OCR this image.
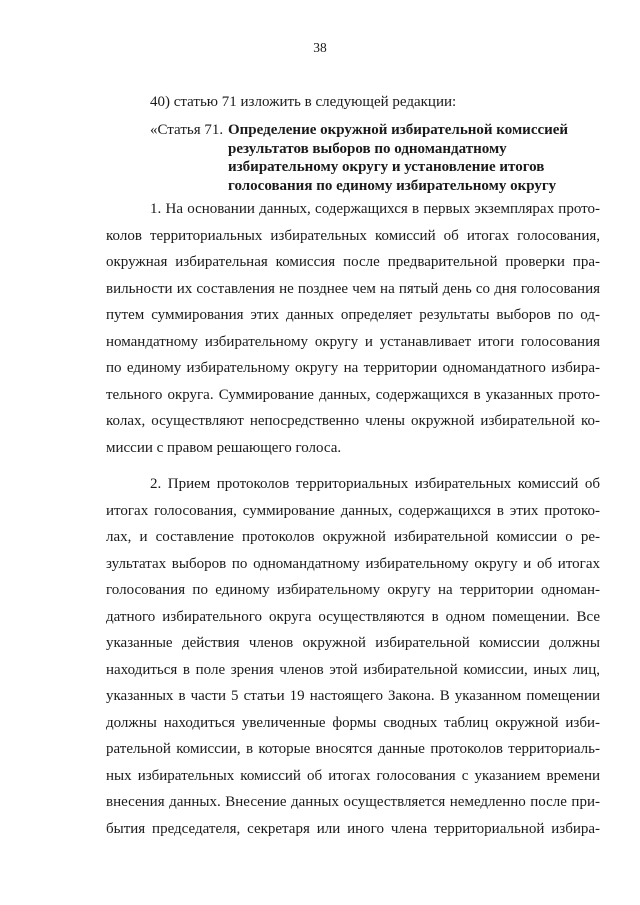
38
40) статью 71 изложить в следующей редакции:
«Статья 71. Определение окружной избирательной комиссией
результатов выборов по одномандатному
избирательному округу и установление итогов
голосования по единому избирательному округу
1. На основании данных, содержащихся в первых экземплярах прото-
колов территориальных избирательных комиссий об итогах голосования,
окружная избирательная комиссия после предварительной проверки пра-
вильности их составления не позднее чем на пятый день со дня голосования
путем суммирования этих данных определяет результаты выборов по од-
номандатному избирательному округу и устанавливает итоги голосования
по единому избирательному округу на территории одномандатного избира-
тельного округа. Суммирование данных, содержащихся в указанных прото-
колах, осуществляют непосредственно члены окружной избирательной ко-
миссии с правом решающего голоса.
2. Прием протоколов территориальных избирательных комиссий об
итогах голосования, суммирование данных, содержащихся в этих протоко-
лах, и составление протоколов окружной избирательной комиссии о ре-
зультатах выборов по одномандатному избирательному округу и об итогах
голосования по единому избирательному округу на территории одноман-
датного избирательного округа осуществляются в одном помещении. Все
указанные действия членов окружной избирательной комиссии должны
находиться в поле зрения членов этой избирательной комиссии, иных лиц,
указанных в части 5 статьи 19 настоящего Закона. В указанном помещении
должны находиться увеличенные формы сводных таблиц окружной изби-
рательной комиссии, в которые вносятся данные протоколов территориаль-
ных избирательных комиссий об итогах голосования с указанием времени
внесения данных. Внесение данных осуществляется немедленно после при-
бытия председателя, секретаря или иного члена территориальной избира-
